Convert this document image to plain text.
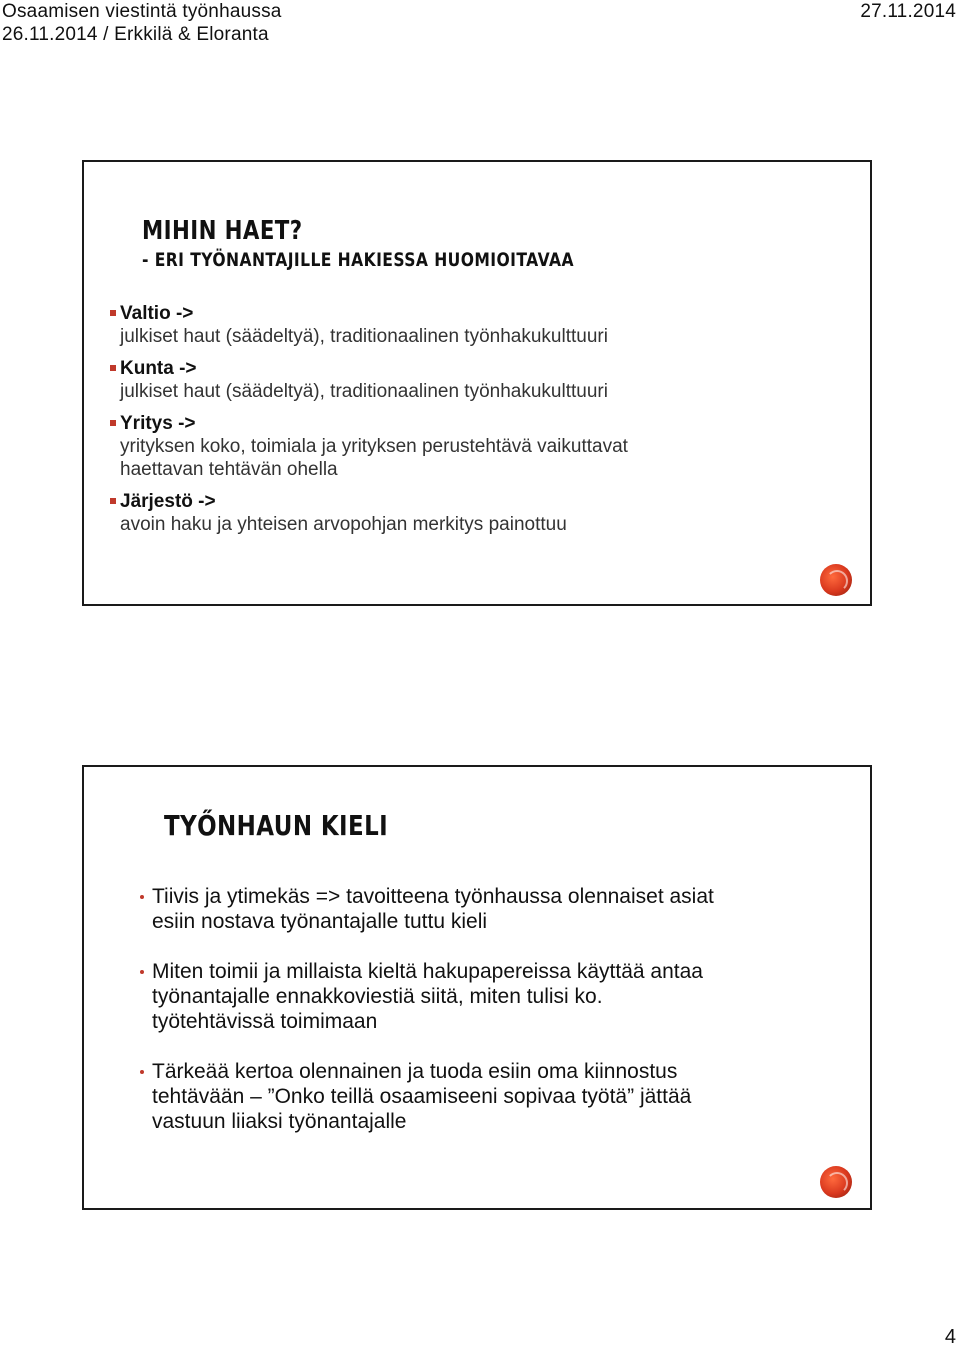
Osaamisen viestintä työnhaussa	27.11.2014
26.11.2014 / Erkkilä & Eloranta
MIHIN HAET?
- ERI TYÖNANTAJILLE HAKIESSA HUOMIOITAVAA
Valtio ->
julkiset haut (säädeltyä), traditionaalinen työnhakukulttuuri
Kunta ->
julkiset haut (säädeltyä), traditionaalinen työnhakukulttuuri
Yritys ->
yrityksen koko, toimiala ja yrityksen perustehtävä vaikuttavat
haettavan tehtävän ohella
Järjestö ->
avoin haku ja yhteisen arvopohjan merkitys painottuu
TYŐNHAUN KIELI
Tiivis ja ytimekäs => tavoitteena työnhaussa olennaiset asiat
esiin nostava työnantajalle tuttu kieli
Miten toimii ja millaista kieltä hakupapereissa käyttää antaa
työnantajalle ennakkoviestiä siitä, miten tulisi ko.
työtehtävissä toimimaan
Tärkeää kertoa olennainen ja tuoda esiin oma kiinnostus
tehtävään – ”Onko teillä osaamiseeni sopivaa työtä” jättää
vastuun liiaksi työnantajalle
4
